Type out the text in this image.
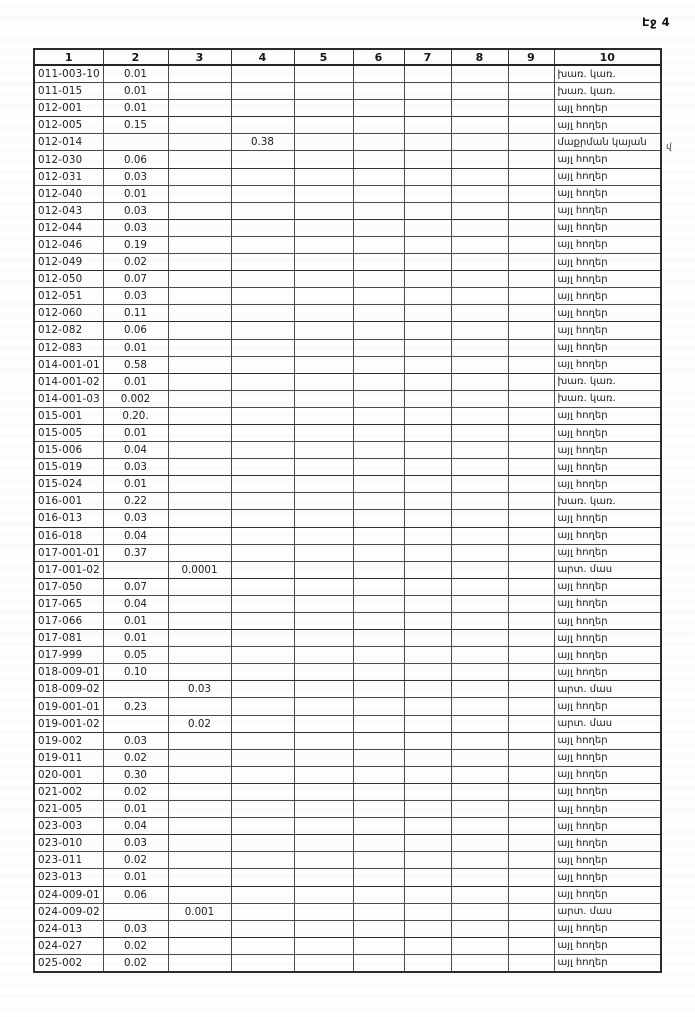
Էջ 4
1	2	3	4	5	6	7	8	9	10
011-003-10	0.01								խառ. կառ.
011-015	0.01								խառ. կառ.
012-001	0.01								այլ հողեր
012-005	0.15								այլ հողեր
012-014			0.38						մաքրման կայան
012-030	0.06								այլ հողեր
012-031	0.03								այլ հողեր
012-040	0.01								այլ հողեր
012-043	0.03								այլ հողեր
012-044	0.03								այլ հողեր
012-046	0.19								այլ հողեր
012-049	0.02								այլ հողեր
012-050	0.07								այլ հողեր
012-051	0.03								այլ հողեր
012-060	0.11								այլ հողեր
012-082	0.06								այլ հողեր
012-083	0.01								այլ հողեր
014-001-01	0.58								այլ հողեր
014-001-02	0.01								խառ. կառ.
014-001-03	0.002								խառ. կառ.
015-001	0.20.								այլ հողեր
015-005	0.01								այլ հողեր
015-006	0.04								այլ հողեր
015-019	0.03								այլ հողեր
015-024	0.01								այլ հողեր
016-001	0.22								խառ. կառ.
016-013	0.03								այլ հողեր
016-018	0.04								այլ հողեր
017-001-01	0.37								այլ հողեր
017-001-02		0.0001							արտ. մաս
017-050	0.07								այլ հողեր
017-065	0.04								այլ հողեր
017-066	0.01								այլ հողեր
017-081	0.01								այլ հողեր
017-999	0.05								այլ հողեր
018-009-01	0.10								այլ հողեր
018-009-02		0.03							արտ. մաս
019-001-01	0.23								այլ հողեր
019-001-02		0.02							արտ. մաս
019-002	0.03								այլ հողեր
019-011	0.02								այլ հողեր
020-001	0.30								այլ հողեր
021-002	0.02								այլ հողեր
021-005	0.01								այլ հողեր
023-003	0.04								այլ հողեր
023-010	0.03								այլ հողեր
023-011	0.02								այլ հողեր
023-013	0.01								այլ հողեր
024-009-01	0.06								այլ հողեր
024-009-02		0.001							արտ. մաս
024-013	0.03								այլ հողեր
024-027	0.02								այլ հողեր
025-002	0.02								այլ հողեր
վ
